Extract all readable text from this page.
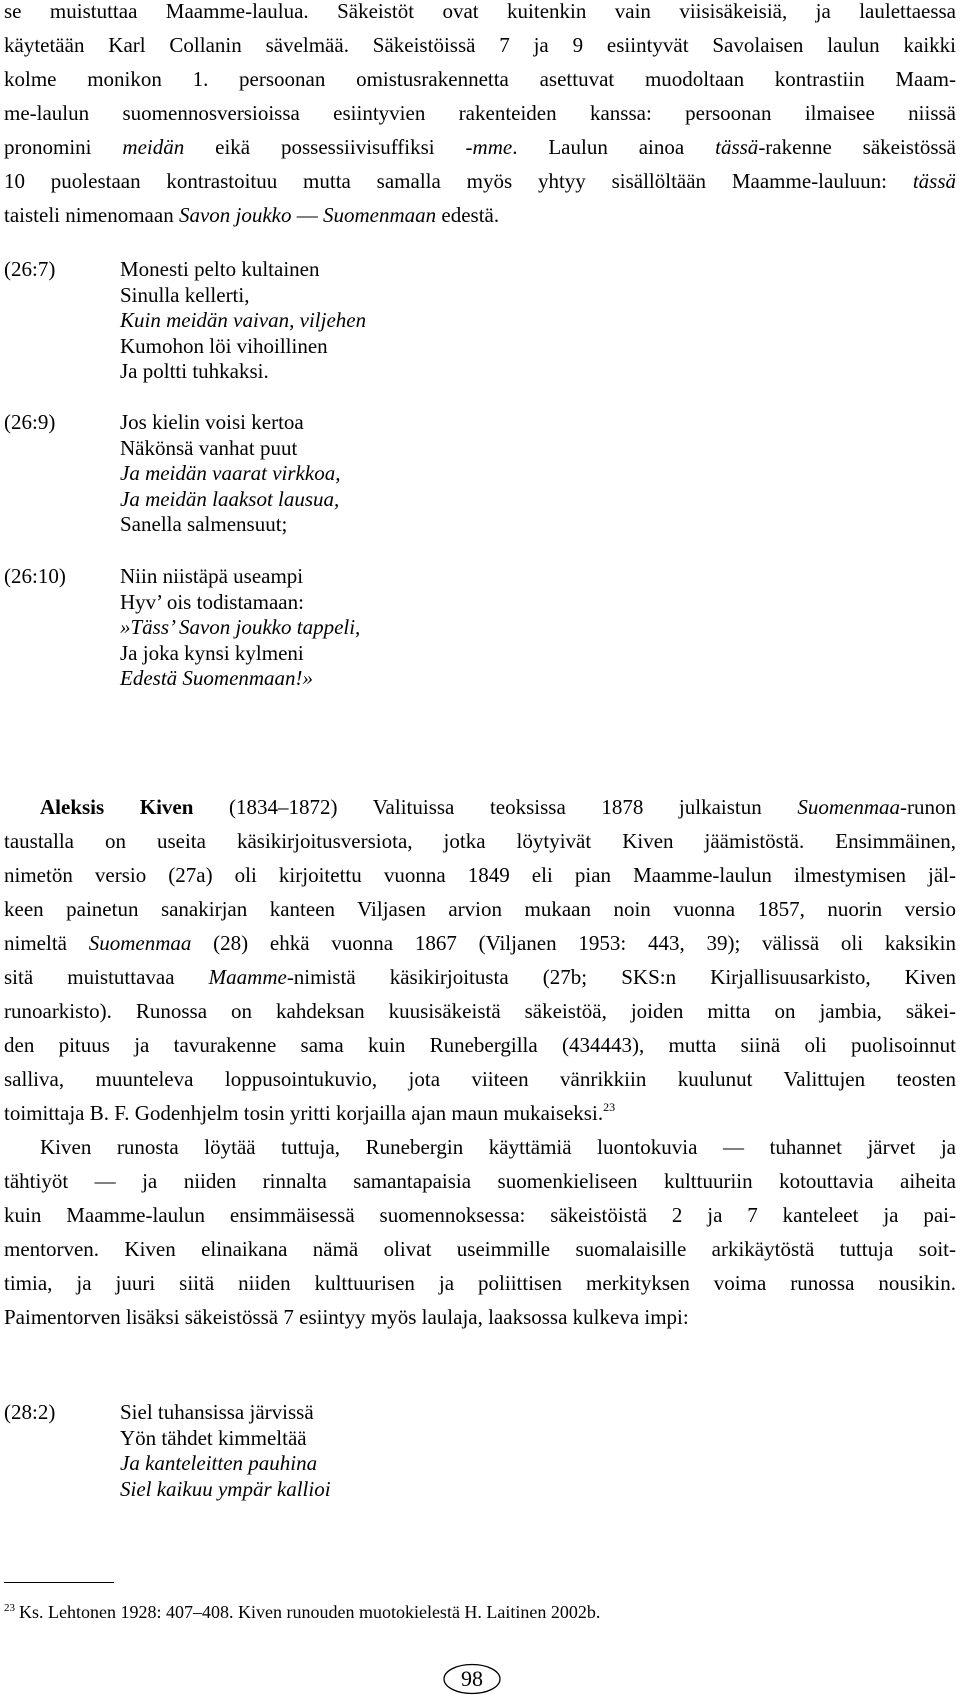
se muistuttaa Maamme-laulua. Säkeistöt ovat kuitenkin vain viisisäkeisiä, ja laulettaessa
käytetään Karl Collanin sävelmää. Säkeistöissä 7 ja 9 esiintyvät Savolaisen laulun kaikki
kolme monikon 1. persoonan omistusrakennetta asettuvat muodoltaan kontrastiin Maam-
me-laulun suomennosversioissa esiintyvien rakenteiden kanssa: persoonan ilmaisee niissä
pronomini meidän eikä possessiivisuffiksi -mme. Laulun ainoa tässä-rakenne säkeistössä
10 puolestaan kontrastoituu mutta samalla myös yhtyy sisällöltään Maamme-lauluun: tässä
taisteli nimenomaan Savon joukko — Suomenmaan edestä.
(26:7)	Monesti pelto kultainen
Sinulla kellerti,
Kuin meidän vaivan, viljehen
Kumohon löi vihoillinen
Ja poltti tuhkaksi.
(26:9)	Jos kielin voisi kertoa
Näkönsä vanhat puut
Ja meidän vaarat virkkoa,
Ja meidän laaksot lausua,
Sanella salmensuut;
(26:10)	Niin niistäpä useampi
Hyv’ ois todistamaan:
»Täss’ Savon joukko tappeli,
Ja joka kynsi kylmeni
Edestä Suomenmaan!»
Aleksis Kiven (1834–1872) Valituissa teoksissa 1878 julkaistun Suomenmaa-runon
taustalla on useita käsikirjoitusversiota, jotka löytyivät Kiven jäämistöstä. Ensimmäinen,
nimetön versio (27a) oli kirjoitettu vuonna 1849 eli pian Maamme-laulun ilmestymisen jäl-
keen painetun sanakirjan kanteen Viljasen arvion mukaan noin vuonna 1857, nuorin versio
nimeltä Suomenmaa (28) ehkä vuonna 1867 (Viljanen 1953: 443, 39); välissä oli kaksikin
sitä muistuttavaa Maamme-nimistä käsikirjoitusta (27b; SKS:n Kirjallisuusarkisto, Kiven
runoarkisto). Runossa on kahdeksan kuusisäkeistä säkeistöä, joiden mitta on jambia, säkei-
den pituus ja tavurakenne sama kuin Runebergilla (434443), mutta siinä oli puolisoinnut
salliva, muunteleva loppusointukuvio, jota viiteen vänrikkiin kuulunut Valittujen teosten
toimittaja B. F. Godenhjelm tosin yritti korjailla ajan maun mukaiseksi.$^{23}$
Kiven runosta löytää tuttuja, Runebergin käyttämiä luontokuvia — tuhannet järvet ja
tähtiyöt — ja niiden rinnalta samantapaisia suomenkieliseen kulttuuriin kotouttavia aiheita
kuin Maamme-laulun ensimmäisessä suomennoksessa: säkeistöistä 2 ja 7 kanteleet ja pai-
mentorven. Kiven elinaikana nämä olivat useimmille suomalaisille arkikäytöstä tuttuja soit-
timia, ja juuri siitä niiden kulttuurisen ja poliittisen merkityksen voima runossa nousikin.
Paimentorven lisäksi säkeistössä 7 esiintyy myös laulaja, laaksossa kulkeva impi:
(28:2)	Siel tuhansissa järvissä
Yön tähdet kimmeltää
Ja kanteleitten pauhina
Siel kaikuu ympär kallioi
$^{23}$ Ks. Lehtonen 1928: 407–408. Kiven runouden muotokielestä H. Laitinen 2002b.
98
